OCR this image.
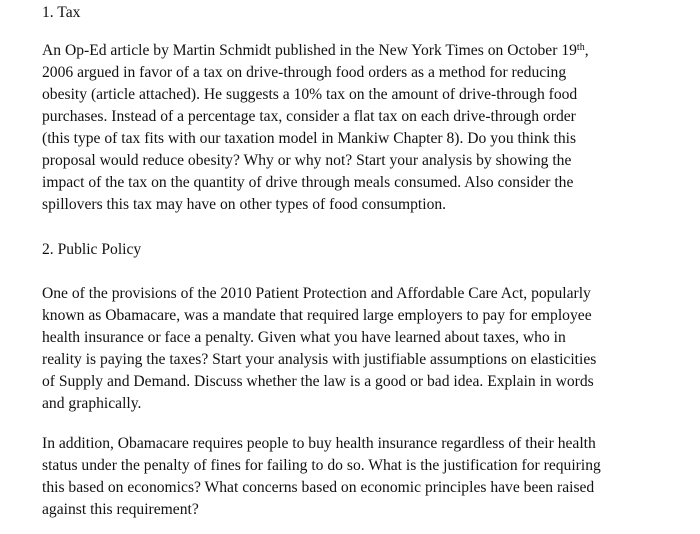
1. Tax
An Op-Ed article by Martin Schmidt published in the New York Times on October 19th,
2006 argued in favor of a tax on drive-through food orders as a method for reducing
obesity (article attached). He suggests a 10% tax on the amount of drive-through food
purchases. Instead of a percentage tax, consider a flat tax on each drive-through order
(this type of tax fits with our taxation model in Mankiw Chapter 8). Do you think this
proposal would reduce obesity? Why or why not? Start your analysis by showing the
impact of the tax on the quantity of drive through meals consumed. Also consider the
spillovers this tax may have on other types of food consumption.
2. Public Policy
One of the provisions of the 2010 Patient Protection and Affordable Care Act, popularly
known as Obamacare, was a mandate that required large employers to pay for employee
health insurance or face a penalty. Given what you have learned about taxes, who in
reality is paying the taxes? Start your analysis with justifiable assumptions on elasticities
of Supply and Demand. Discuss whether the law is a good or bad idea. Explain in words
and graphically.
In addition, Obamacare requires people to buy health insurance regardless of their health
status under the penalty of fines for failing to do so. What is the justification for requiring
this based on economics? What concerns based on economic principles have been raised
against this requirement?
